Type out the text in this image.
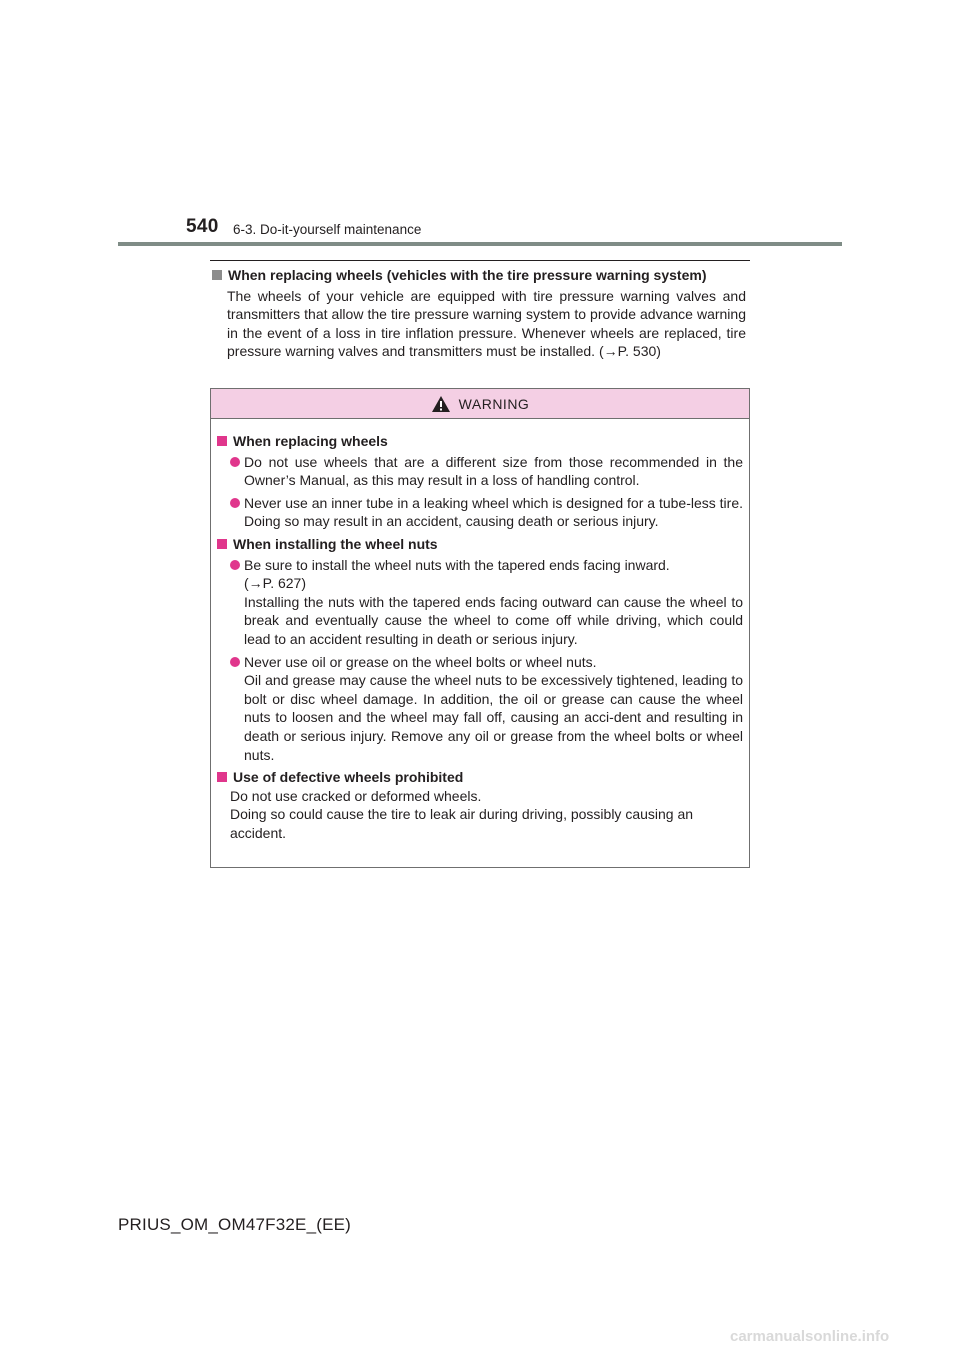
540 6-3. Do-it-yourself maintenance
When replacing wheels (vehicles with the tire pressure warning system)
The wheels of your vehicle are equipped with tire pressure warning valves and transmitters that allow the tire pressure warning system to provide advance warning in the event of a loss in tire inflation pressure. Whenever wheels are replaced, tire pressure warning valves and transmitters must be installed. (→P. 530)
WARNING
When replacing wheels
Do not use wheels that are a different size from those recommended in the Owner’s Manual, as this may result in a loss of handling control.
Never use an inner tube in a leaking wheel which is designed for a tube-less tire. Doing so may result in an accident, causing death or serious injury.
When installing the wheel nuts
Be sure to install the wheel nuts with the tapered ends facing inward.
(→P. 627)
Installing the nuts with the tapered ends facing outward can cause the wheel to break and eventually cause the wheel to come off while driving, which could lead to an accident resulting in death or serious injury.
Never use oil or grease on the wheel bolts or wheel nuts.
Oil and grease may cause the wheel nuts to be excessively tightened, leading to bolt or disc wheel damage. In addition, the oil or grease can cause the wheel nuts to loosen and the wheel may fall off, causing an acci-dent and resulting in death or serious injury. Remove any oil or grease from the wheel bolts or wheel nuts.
Use of defective wheels prohibited
Do not use cracked or deformed wheels.
Doing so could cause the tire to leak air during driving, possibly causing an accident.
PRIUS_OM_OM47F32E_(EE)
carmanualsonline.info
